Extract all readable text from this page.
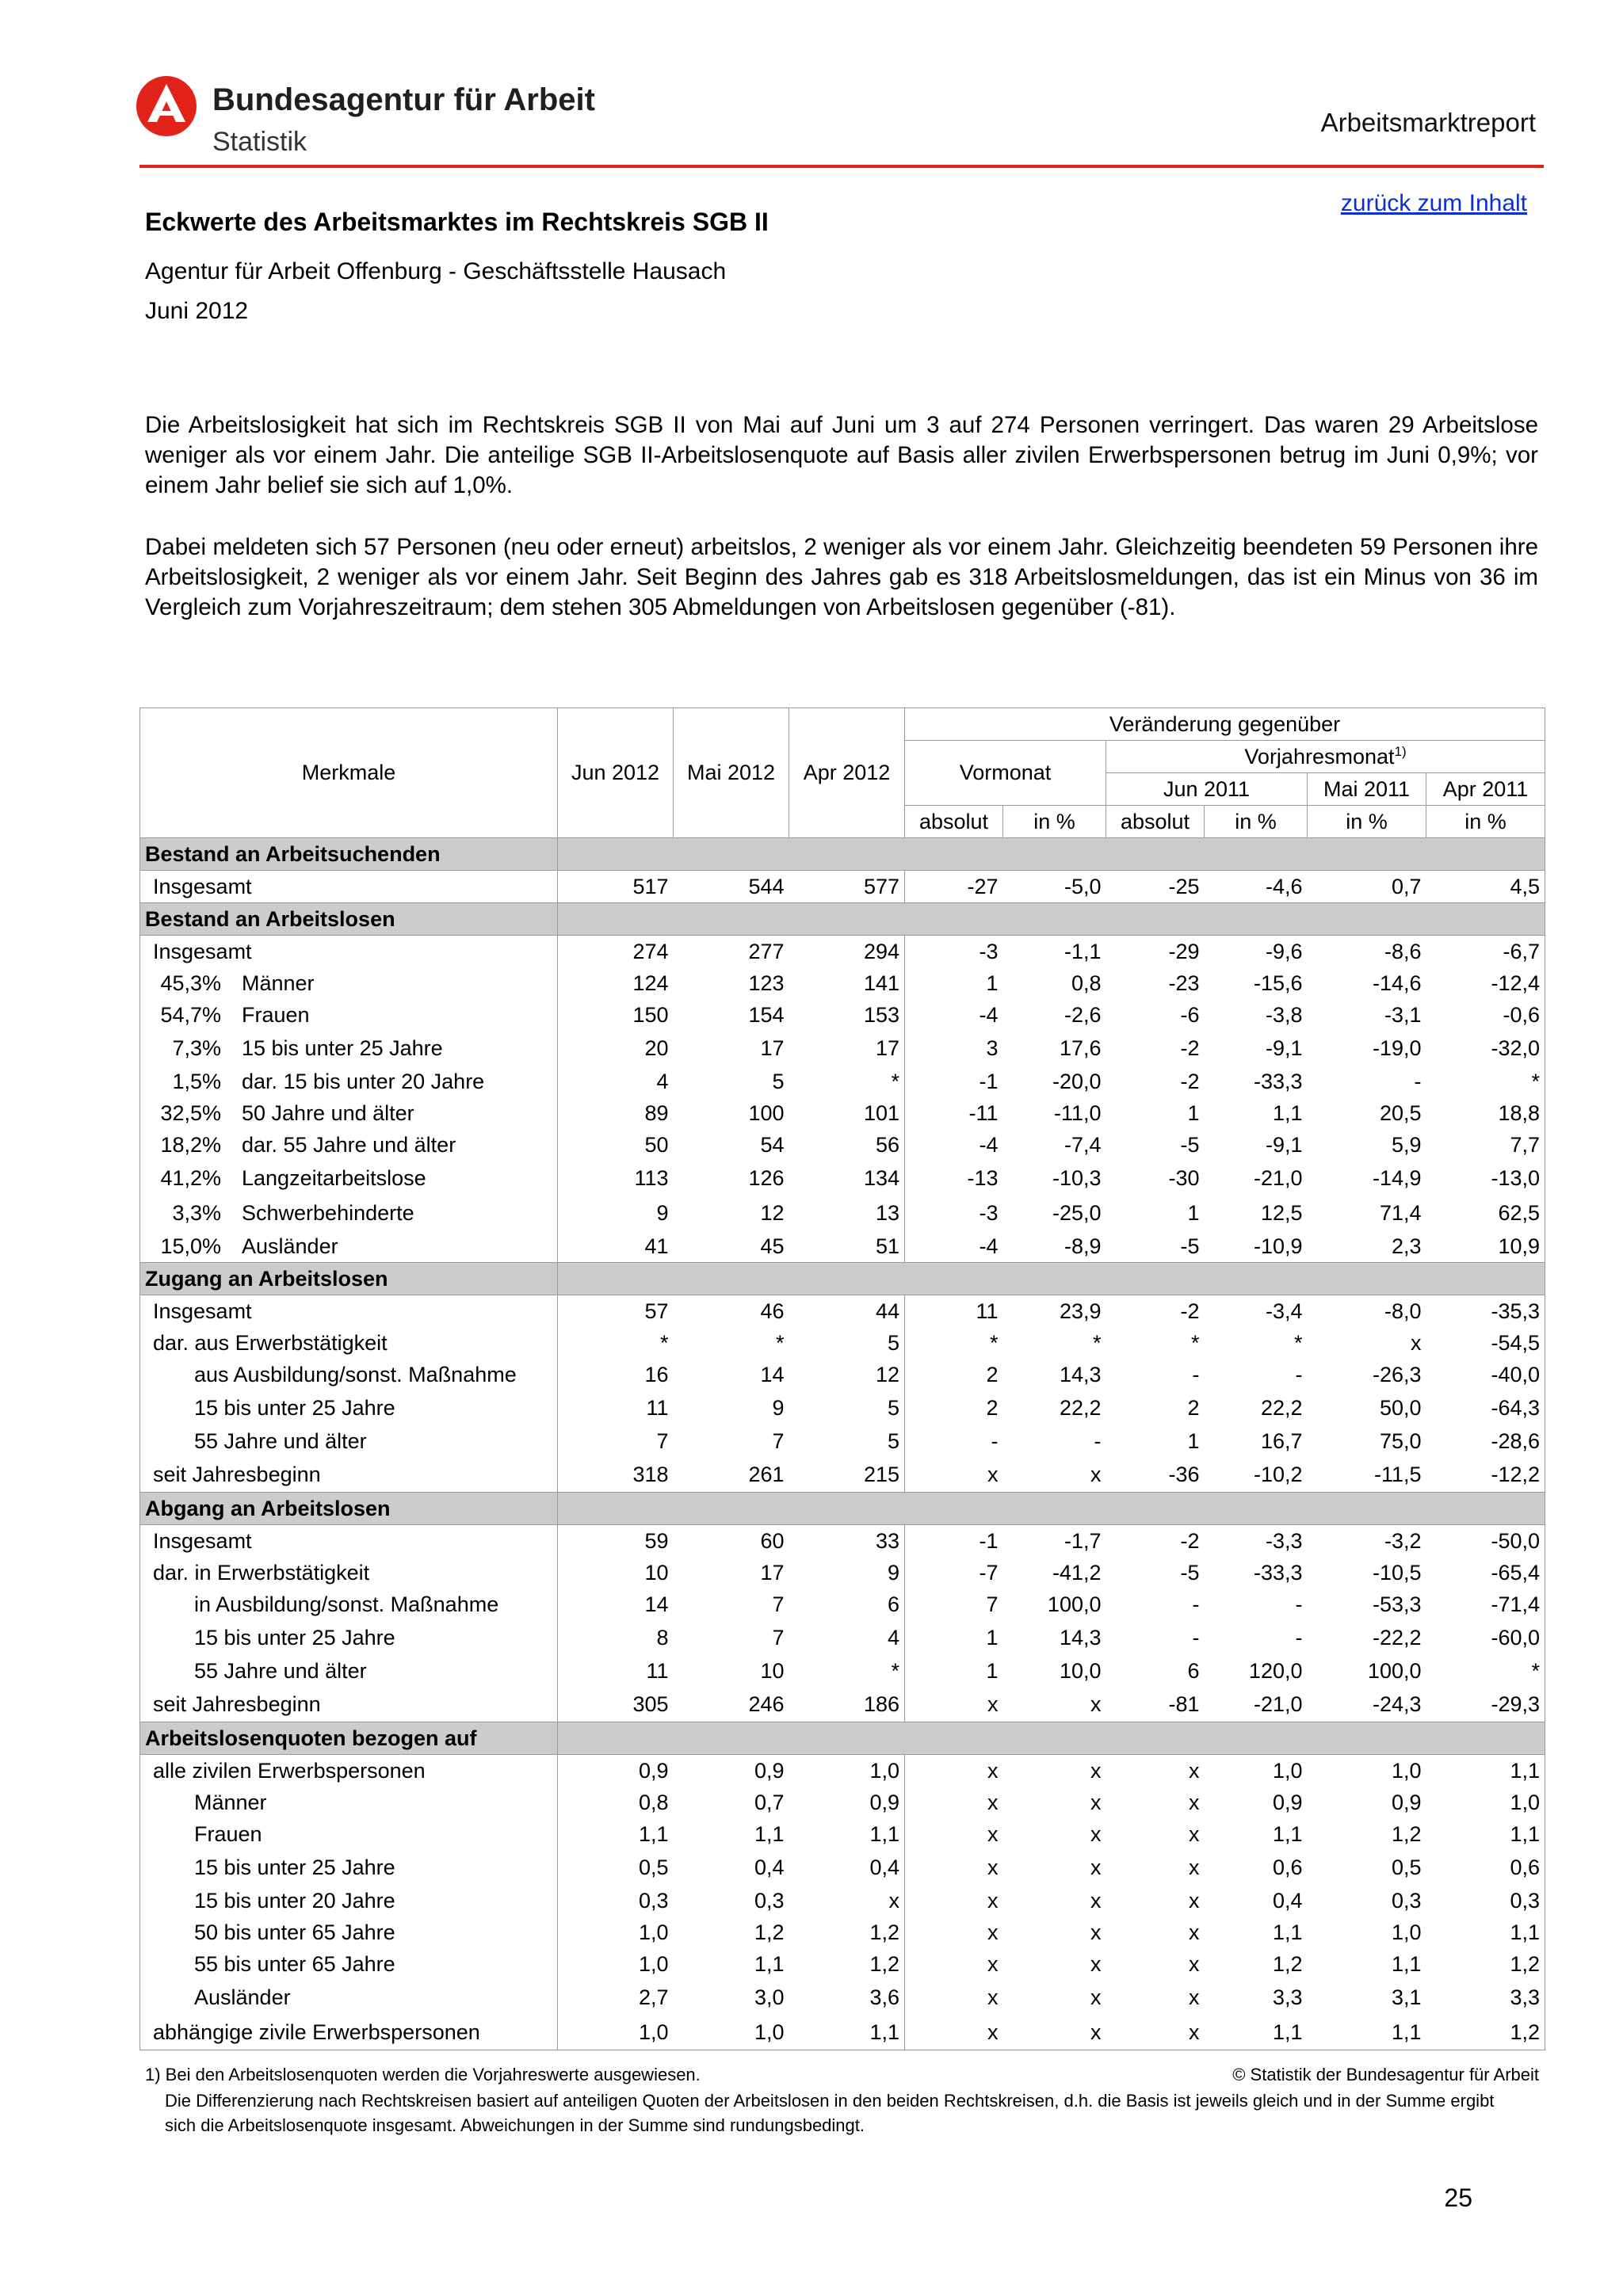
Bundesagentur für Arbeit
Statistik
Arbeitsmarktreport
zurück zum Inhalt
Eckwerte des Arbeitsmarktes im Rechtskreis SGB II
Agentur für Arbeit Offenburg - Geschäftsstelle Hausach
Juni 2012
Die Arbeitslosigkeit hat sich im Rechtskreis SGB II von Mai auf Juni um 3 auf 274 Personen verringert. Das waren 29 Arbeitslose weniger als vor einem Jahr. Die anteilige SGB II-Arbeitslosenquote auf Basis aller zivilen Erwerbspersonen betrug im Juni 0,9%; vor einem Jahr belief sie sich auf 1,0%.
Dabei meldeten sich 57 Personen (neu oder erneut) arbeitslos, 2 weniger als vor einem Jahr. Gleichzeitig beendeten 59 Personen ihre Arbeitslosigkeit, 2 weniger als vor einem Jahr. Seit Beginn des Jahres gab es 318 Arbeitslosmeldungen, das ist ein Minus von 36 im Vergleich zum Vorjahreszeitraum; dem stehen 305 Abmeldungen von Arbeitslosen gegenüber (-81).
Merkmale	Jun 2012	Mai 2012	Apr 2012	Veränderung gegenüber					
				Vormonat		Vorjahresmonat$^{1)}$
						Jun 2011		Mai 2011	Apr 2011
				absolut	in %	absolut	in %	in %	in %
Bestand an Arbeitsuchenden									
Insgesamt	517	544	577	-27	-5,0	-25	-4,6	0,7	4,5
Bestand an Arbeitslosen									
Insgesamt	274	277	294	-3	-1,1	-29	-9,6	-8,6	-6,7
45,3% Männer	124	123	141	1	0,8	-23	-15,6	-14,6	-12,4
54,7% Frauen	150	154	153	-4	-2,6	-6	-3,8	-3,1	-0,6
7,3% 15 bis unter 25 Jahre	20	17	17	3	17,6	-2	-9,1	-19,0	-32,0
1,5% dar. 15 bis unter 20 Jahre	4	5	*	-1	-20,0	-2	-33,3	-	*
32,5% 50 Jahre und älter	89	100	101	-11	-11,0	1	1,1	20,5	18,8
18,2% dar. 55 Jahre und älter	50	54	56	-4	-7,4	-5	-9,1	5,9	7,7
41,2% Langzeitarbeitslose	113	126	134	-13	-10,3	-30	-21,0	-14,9	-13,0
3,3% Schwerbehinderte	9	12	13	-3	-25,0	1	12,5	71,4	62,5
15,0% Ausländer	41	45	51	-4	-8,9	-5	-10,9	2,3	10,9
Zugang an Arbeitslosen									
Insgesamt	57	46	44	11	23,9	-2	-3,4	-8,0	-35,3
dar. aus Erwerbstätigkeit	*	*	5	*	*	*	*	x	-54,5
aus Ausbildung/sonst. Maßnahme	16	14	12	2	14,3	-	-	-26,3	-40,0
15 bis unter 25 Jahre	11	9	5	2	22,2	2	22,2	50,0	-64,3
55 Jahre und älter	7	7	5	-	-	1	16,7	75,0	-28,6
seit Jahresbeginn	318	261	215	x	x	-36	-10,2	-11,5	-12,2
Abgang an Arbeitslosen									
Insgesamt	59	60	33	-1	-1,7	-2	-3,3	-3,2	-50,0
dar. in Erwerbstätigkeit	10	17	9	-7	-41,2	-5	-33,3	-10,5	-65,4
in Ausbildung/sonst. Maßnahme	14	7	6	7	100,0	-	-	-53,3	-71,4
15 bis unter 25 Jahre	8	7	4	1	14,3	-	-	-22,2	-60,0
55 Jahre und älter	11	10	*	1	10,0	6	120,0	100,0	*
seit Jahresbeginn	305	246	186	x	x	-81	-21,0	-24,3	-29,3
Arbeitslosenquoten bezogen auf									
alle zivilen Erwerbspersonen	0,9	0,9	1,0	x	x	x	1,0	1,0	1,1
Männer	0,8	0,7	0,9	x	x	x	0,9	0,9	1,0
Frauen	1,1	1,1	1,1	x	x	x	1,1	1,2	1,1
15 bis unter 25 Jahre	0,5	0,4	0,4	x	x	x	0,6	0,5	0,6
15 bis unter 20 Jahre	0,3	0,3	x	x	x	x	0,4	0,3	0,3
50 bis unter 65 Jahre	1,0	1,2	1,2	x	x	x	1,1	1,0	1,1
55 bis unter 65 Jahre	1,0	1,1	1,2	x	x	x	1,2	1,1	1,2
Ausländer	2,7	3,0	3,6	x	x	x	3,3	3,1	3,3
abhängige zivile Erwerbspersonen	1,0	1,0	1,1	x	x	x	1,1	1,1	1,2
1) Bei den Arbeitslosenquoten werden die Vorjahreswerte ausgewiesen.	© Statistik der Bundesagentur für Arbeit
Die Differenzierung nach Rechtskreisen basiert auf anteiligen Quoten der Arbeitslosen in den beiden Rechtskreisen, d.h. die Basis ist jeweils gleich und in der Summe ergibt sich die Arbeitslosenquote insgesamt. Abweichungen in der Summe sind rundungsbedingt.
25
